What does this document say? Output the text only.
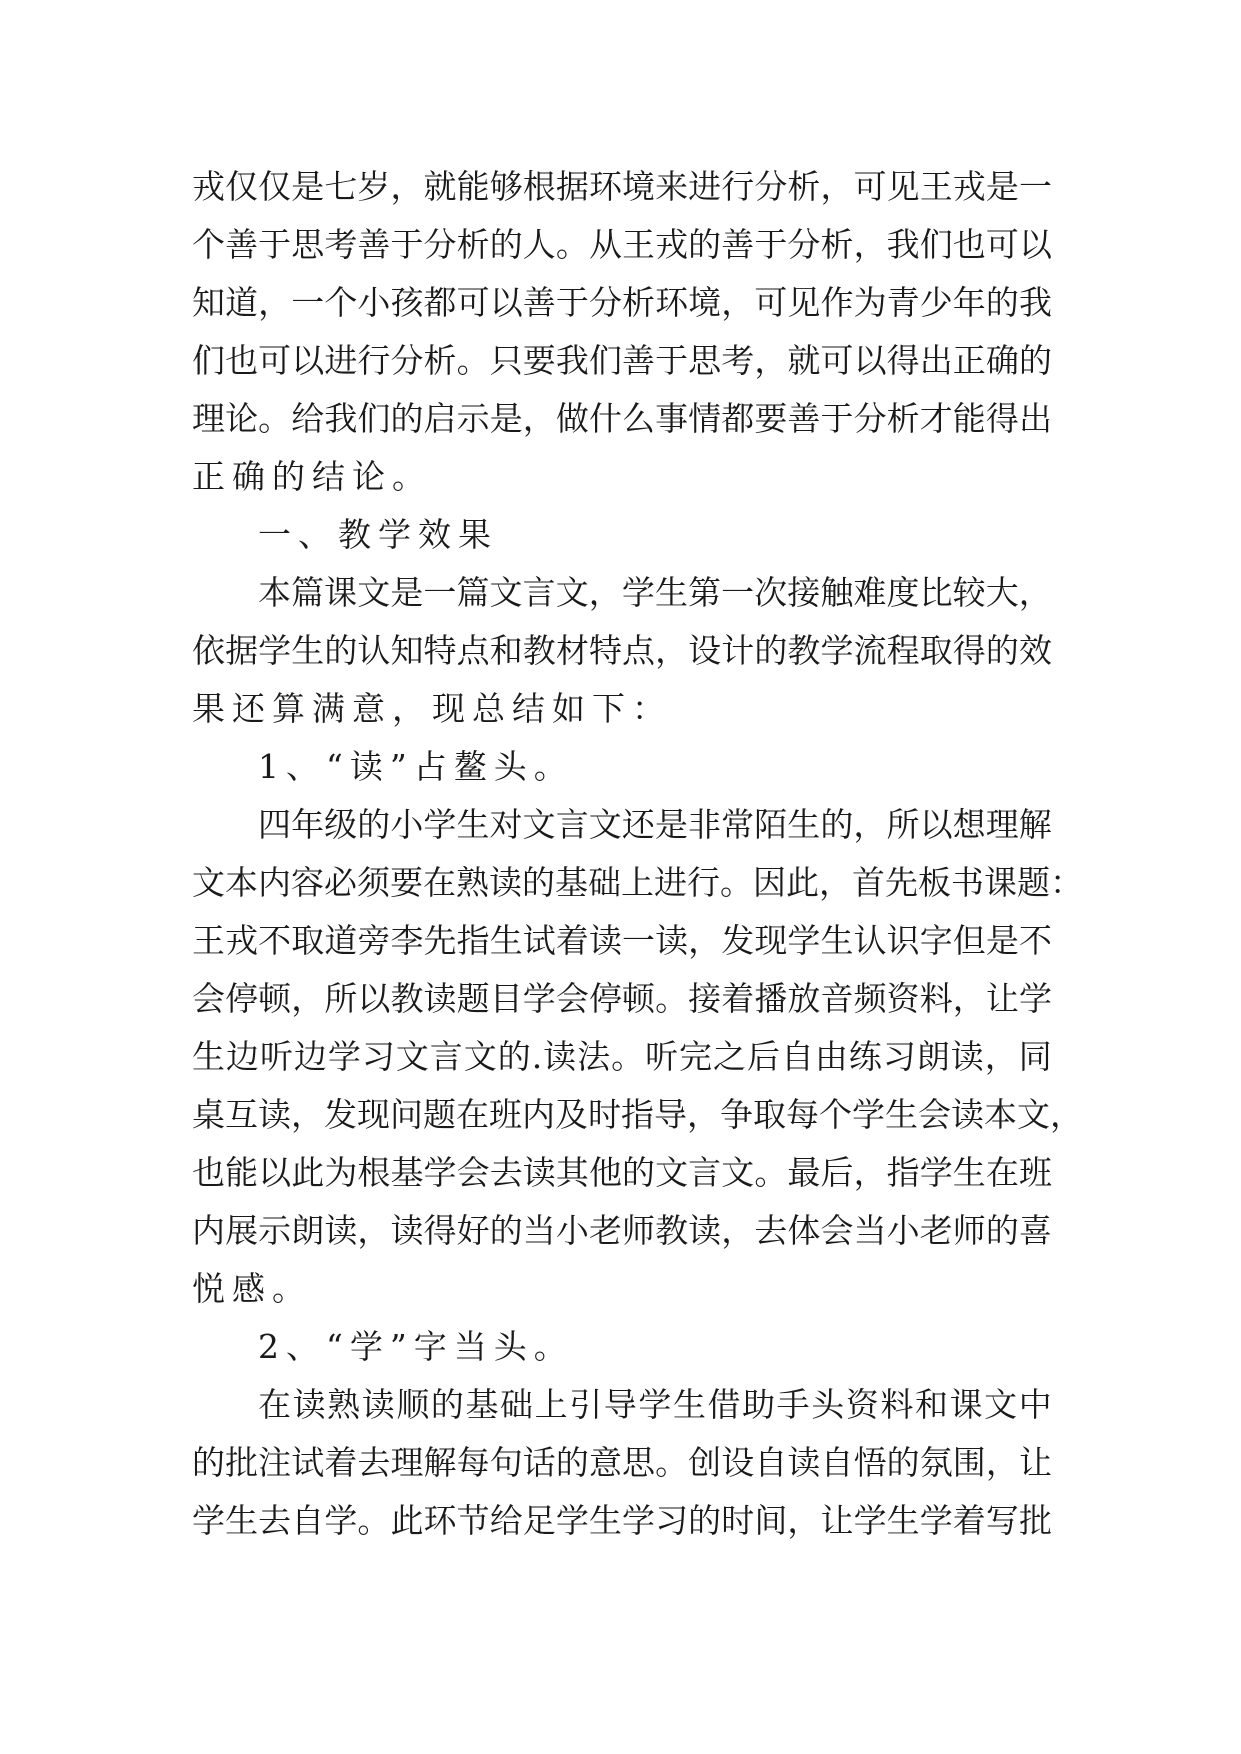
戎 仅 仅 是 七 岁 ， 就 能 够 根 据 环 境 来 进 行 分 析 ， 可 见 王 戎 是 一
个 善 于 思 考 善 于 分 析 的 人 。 从 王 戎 的 善 于 分 析 ， 我 们 也 可 以
知 道 ， 一 个 小 孩 都 可 以 善 于 分 析 环 境 ， 可 见 作 为 青 少 年 的 我
们 也 可 以 进 行 分 析 。 只 要 我 们 善 于 思 考 ， 就 可 以 得 出 正 确 的
理 论 。 给 我 们 的 启 示 是 ， 做 什 么 事 情 都 要 善 于 分 析 才 能 得 出
正确的结论。
一、教学效果
本 篇 课 文 是 一 篇 文 言 文 ， 学 生 第 一 次 接 触 难 度 比 较 大 ，
依 据 学 生 的 认 知 特 点 和 教 材 特 点 ， 设 计 的 教 学 流 程 取 得 的 效
果还算满意，现总结如下：
1、“读”占鳌头。
四 年 级 的 小 学 生 对 文 言 文 还 是 非 常 陌 生 的 ， 所 以 想 理 解
文 本 内 容 必 须 要 在 熟 读 的 基 础 上 进 行 。 因 此 ， 首 先 板 书 课 题 ：
王 戎 不 取 道 旁 李 先 指 生 试 着 读 一 读 ， 发 现 学 生 认 识 字 但 是 不
会 停 顿 ， 所 以 教 读 题 目 学 会 停 顿 。 接 着 播 放 音 频 资 料 ， 让 学
生 边 听 边 学 习 文 言 文 的 . 读 法 。 听 完 之 后 自 由 练 习 朗 读 ， 同
桌 互 读 ， 发 现 问 题 在 班 内 及 时 指 导 ， 争 取 每 个 学 生 会 读 本 文 ，
也 能 以 此 为 根 基 学 会 去 读 其 他 的 文 言 文 。 最 后 ， 指 学 生 在 班
内 展 示 朗 读 ， 读 得 好 的 当 小 老 师 教 读 ， 去 体 会 当 小 老 师 的 喜
悦感。
2、“学”字当头。
在 读 熟 读 顺 的 基 础 上 引 导 学 生 借 助 手 头 资 料 和 课 文 中
的 批 注 试 着 去 理 解 每 句 话 的 意 思 。 创 设 自 读 自 悟 的 氛 围 ， 让
学 生 去 自 学 。 此 环 节 给 足 学 生 学 习 的 时 间 ， 让 学 生 学 着 写 批
